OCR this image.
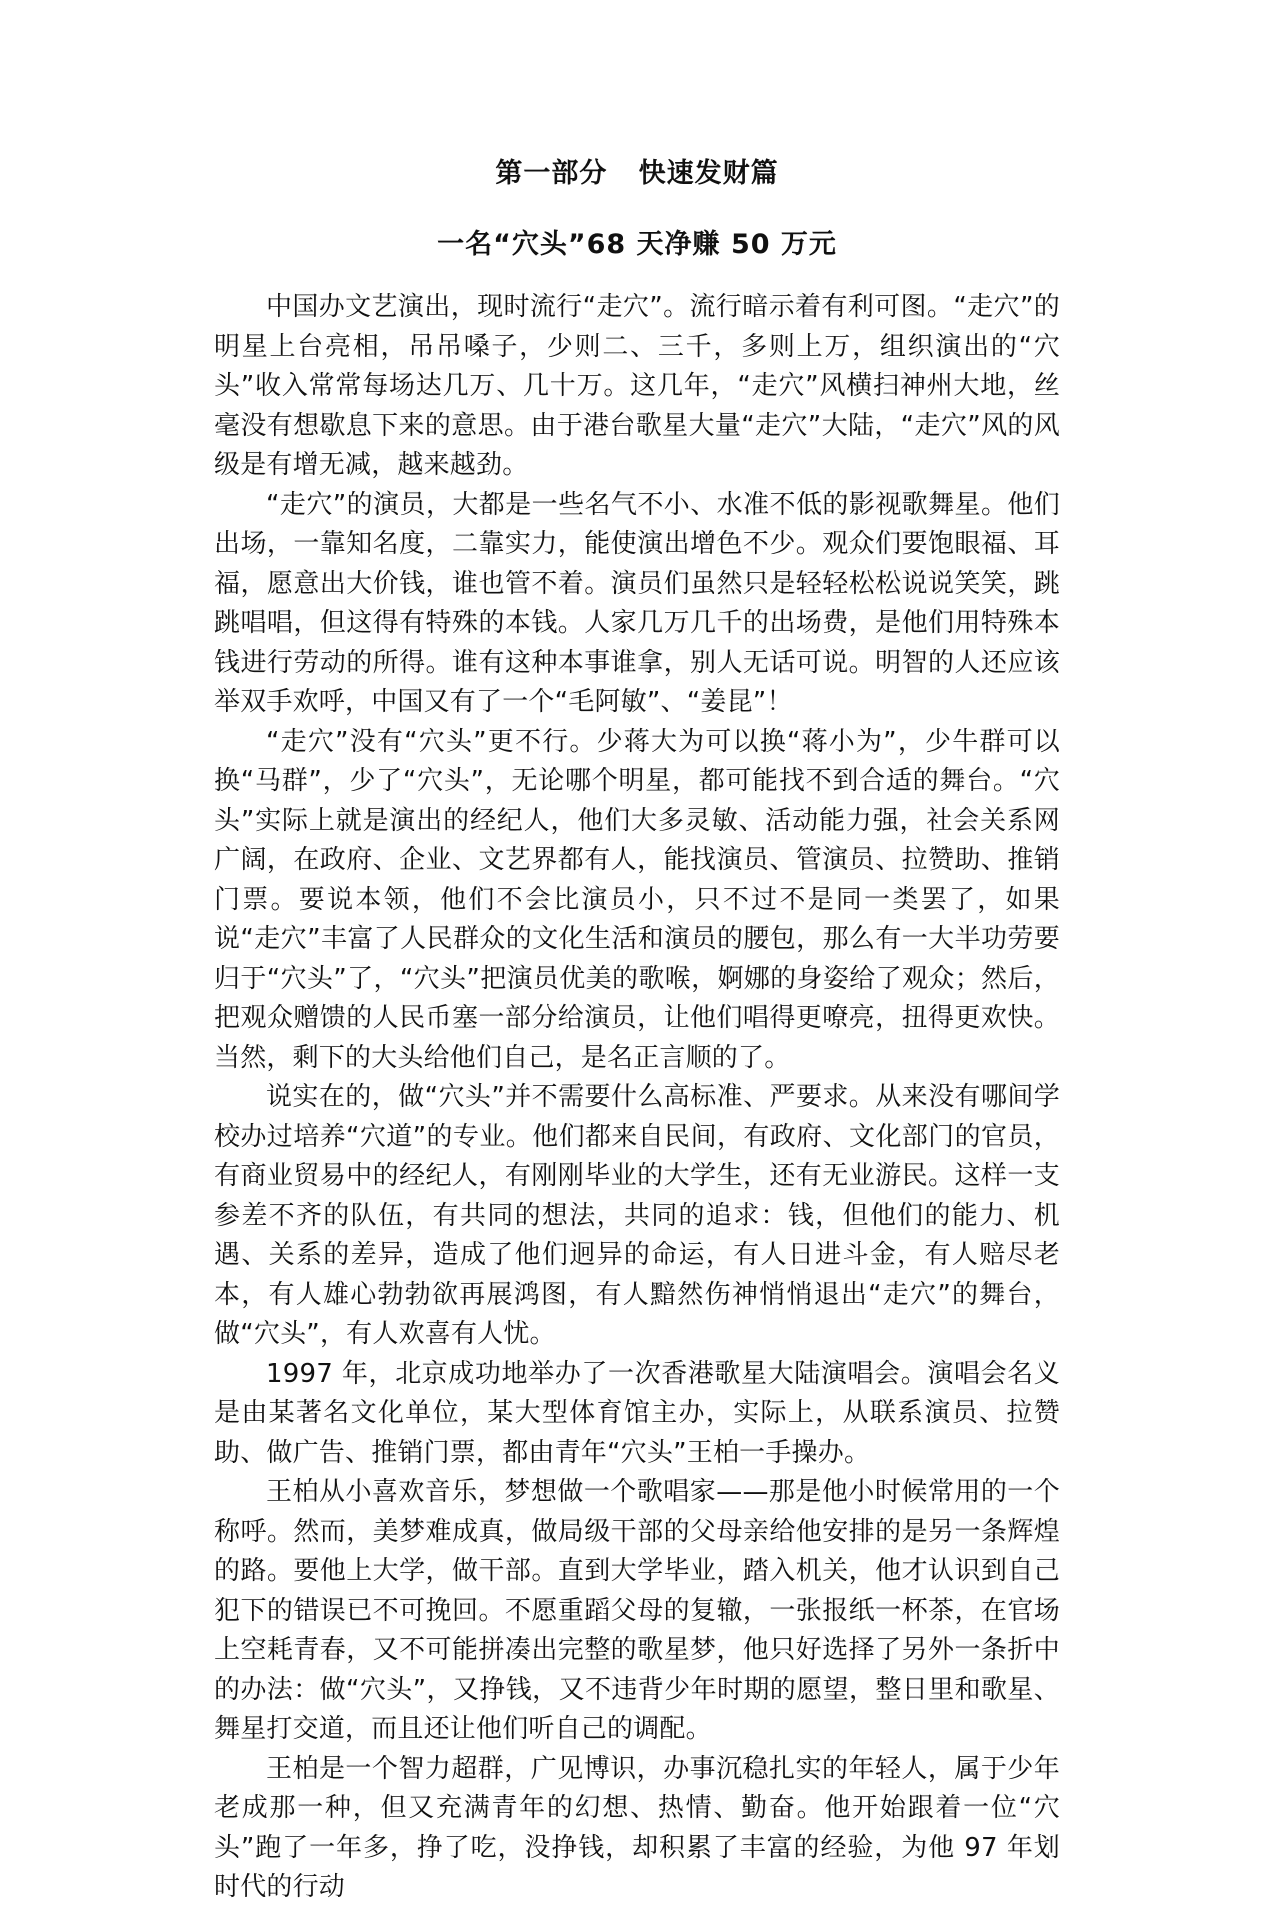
第一部分   快速发财篇
一名“穴头”68 天净赚 50 万元

中国办文艺演出，现时流行“走穴”。流行暗示着有利可图。“走穴”的明星上台亮相，吊吊嗓子，少则二、三千，多则上万，组织演出的“穴头”收入常常每场达几万、几十万。这几年，“走穴”风横扫神州大地，丝毫没有想歇息下来的意思。由于港台歌星大量“走穴”大陆，“走穴”风的风级是有增无减，越来越劲。

“走穴”的演员，大都是一些名气不小、水准不低的影视歌舞星。他们出场，一靠知名度，二靠实力，能使演出增色不少。观众们要饱眼福、耳福，愿意出大价钱，谁也管不着。演员们虽然只是轻轻松松说说笑笑，跳跳唱唱，但这得有特殊的本钱。人家几万几千的出场费，是他们用特殊本钱进行劳动的所得。谁有这种本事谁拿，别人无话可说。明智的人还应该举双手欢呼，中国又有了一个“毛阿敏”、“姜昆”！

“走穴”没有“穴头”更不行。少蒋大为可以换“蒋小为”，少牛群可以换“马群”，少了“穴头”，无论哪个明星，都可能找不到合适的舞台。“穴头”实际上就是演出的经纪人，他们大多灵敏、活动能力强，社会关系网广阔，在政府、企业、文艺界都有人，能找演员、管演员、拉赞助、推销门票。要说本领，他们不会比演员小，只不过不是同一类罢了，如果说“走穴”丰富了人民群众的文化生活和演员的腰包，那么有一大半功劳要归于“穴头”了，“穴头”把演员优美的歌喉，婀娜的身姿给了观众；然后，把观众赠馈的人民币塞一部分给演员，让他们唱得更嘹亮，扭得更欢快。当然，剩下的大头给他们自己，是名正言顺的了。

说实在的，做“穴头”并不需要什么高标准、严要求。从来没有哪间学校办过培养“穴道”的专业。他们都来自民间，有政府、文化部门的官员，有商业贸易中的经纪人，有刚刚毕业的大学生，还有无业游民。这样一支参差不齐的队伍，有共同的想法，共同的追求：钱，但他们的能力、机遇、关系的差异，造成了他们迥异的命运，有人日进斗金，有人赔尽老本，有人雄心勃勃欲再展鸿图，有人黯然伤神悄悄退出“走穴”的舞台，做“穴头”，有人欢喜有人忧。

1997 年，北京成功地举办了一次香港歌星大陆演唱会。演唱会名义是由某著名文化单位，某大型体育馆主办，实际上，从联系演员、拉赞助、做广告、推销门票，都由青年“穴头”王柏一手操办。

王柏从小喜欢音乐，梦想做一个歌唱家——那是他小时候常用的一个称呼。然而，美梦难成真，做局级干部的父母亲给他安排的是另一条辉煌的路。要他上大学，做干部。直到大学毕业，踏入机关，他才认识到自己犯下的错误已不可挽回。不愿重蹈父母的复辙，一张报纸一杯茶，在官场上空耗青春，又不可能拼凑出完整的歌星梦，他只好选择了另外一条折中的办法：做“穴头”，又挣钱，又不违背少年时期的愿望，整日里和歌星、舞星打交道，而且还让他们听自己的调配。

王柏是一个智力超群，广见博识，办事沉稳扎实的年轻人，属于少年老成那一种，但又充满青年的幻想、热情、勤奋。他开始跟着一位“穴头”跑了一年多，挣了吃，没挣钱，却积累了丰富的经验，为他 97 年划时代的行动
